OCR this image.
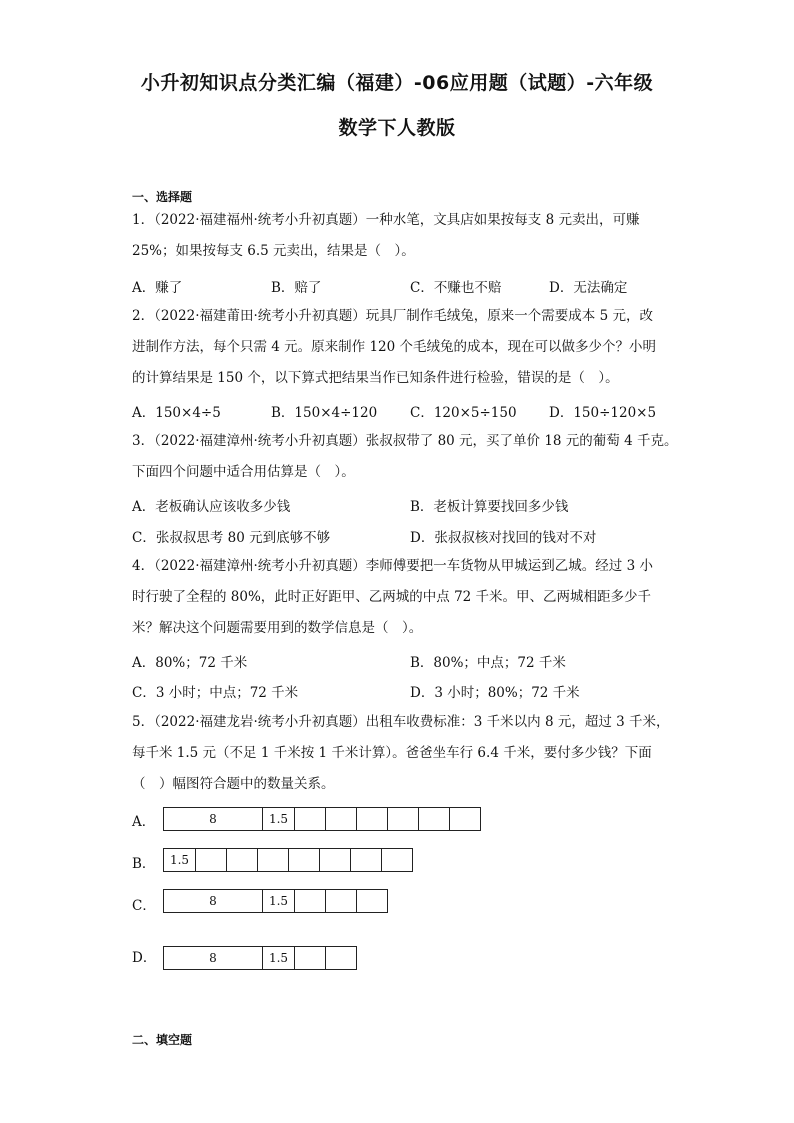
小升初知识点分类汇编（福建）-06应用题（试题）-六年级
数学下人教版
一、选择题
1．（2022·福建福州·统考小升初真题）一种水笔，文具店如果按每支 8 元卖出，可赚
25%；如果按每支 6.5 元卖出，结果是（　）。
A．赚了	B．赔了	C．不赚也不赔	D．无法确定
2．（2022·福建莆田·统考小升初真题）玩具厂制作毛绒兔，原来一个需要成本 5 元，改
进制作方法，每个只需 4 元。原来制作 120 个毛绒兔的成本，现在可以做多少个？小明
的计算结果是 150 个，以下算式把结果当作已知条件进行检验，错误的是（　）。
A．150×4÷5	B．150×4÷120 C．120×5÷150 D．150÷120×5
3．（2022·福建漳州·统考小升初真题）张叔叔带了 80 元，买了单价 18 元的葡萄 4 千克。
下面四个问题中适合用估算是（　）。
A．老板确认应该收多少钱	B．老板计算要找回多少钱
C．张叔叔思考 80 元到底够不够	D．张叔叔核对找回的钱对不对
4．（2022·福建漳州·统考小升初真题）李师傅要把一车货物从甲城运到乙城。经过 3 小
时行驶了全程的 80%，此时正好距甲、乙两城的中点 72 千米。甲、乙两城相距多少千
米？解决这个问题需要用到的数学信息是（　）。
A．80%；72 千米	B．80%；中点；72 千米
C．3 小时；中点；72 千米	D．3 小时；80%；72 千米
5．（2022·福建龙岩·统考小升初真题）出租车收费标准：3 千米以内 8 元，超过 3 千米，
每千米 1.5 元（不足 1 千米按 1 千米计算）。爸爸坐车行 6.4 千米，要付多少钱？下面
（　）幅图符合题中的数量关系。
A．	8	1.5
B．	1.5
C．	8	1.5
D．	8	1.5
二、填空题
